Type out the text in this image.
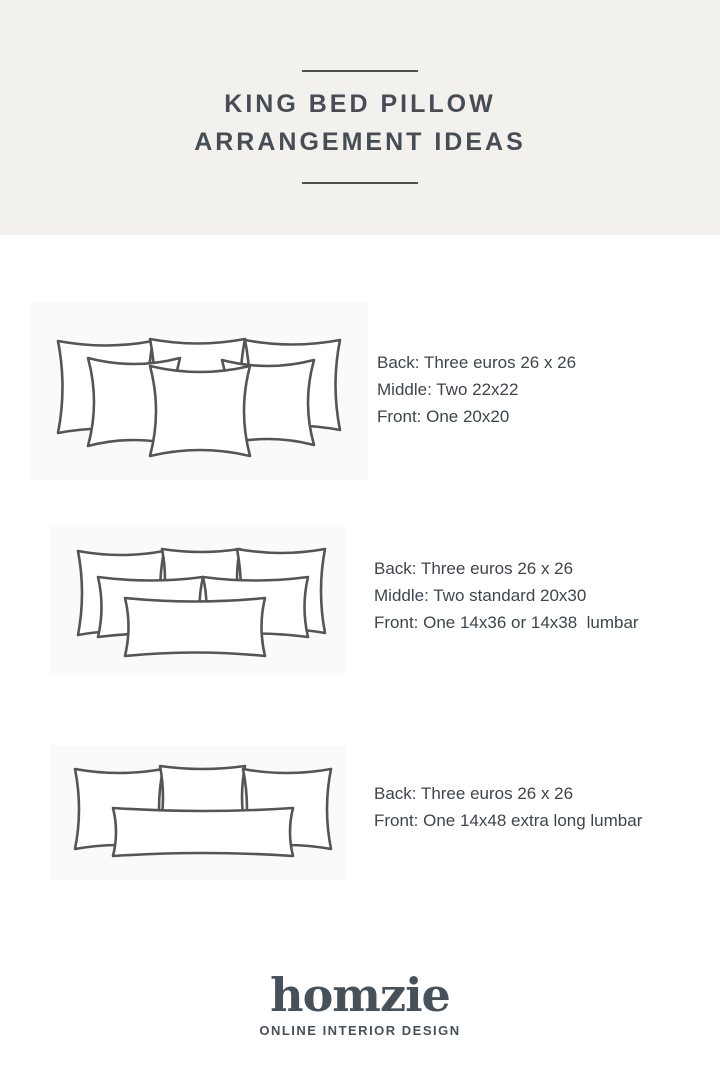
KING BED PILLOW
ARRANGEMENT IDEAS
Back: Three euros 26 x 26
Middle: Two 22x22
Front: One 20x20
Back: Three euros 26 x 26
Middle: Two standard 20x30
Front: One 14x36 or 14x38  lumbar
Back: Three euros 26 x 26
Front: One 14x48 extra long lumbar
homzie
ONLINE INTERIOR DESIGN
